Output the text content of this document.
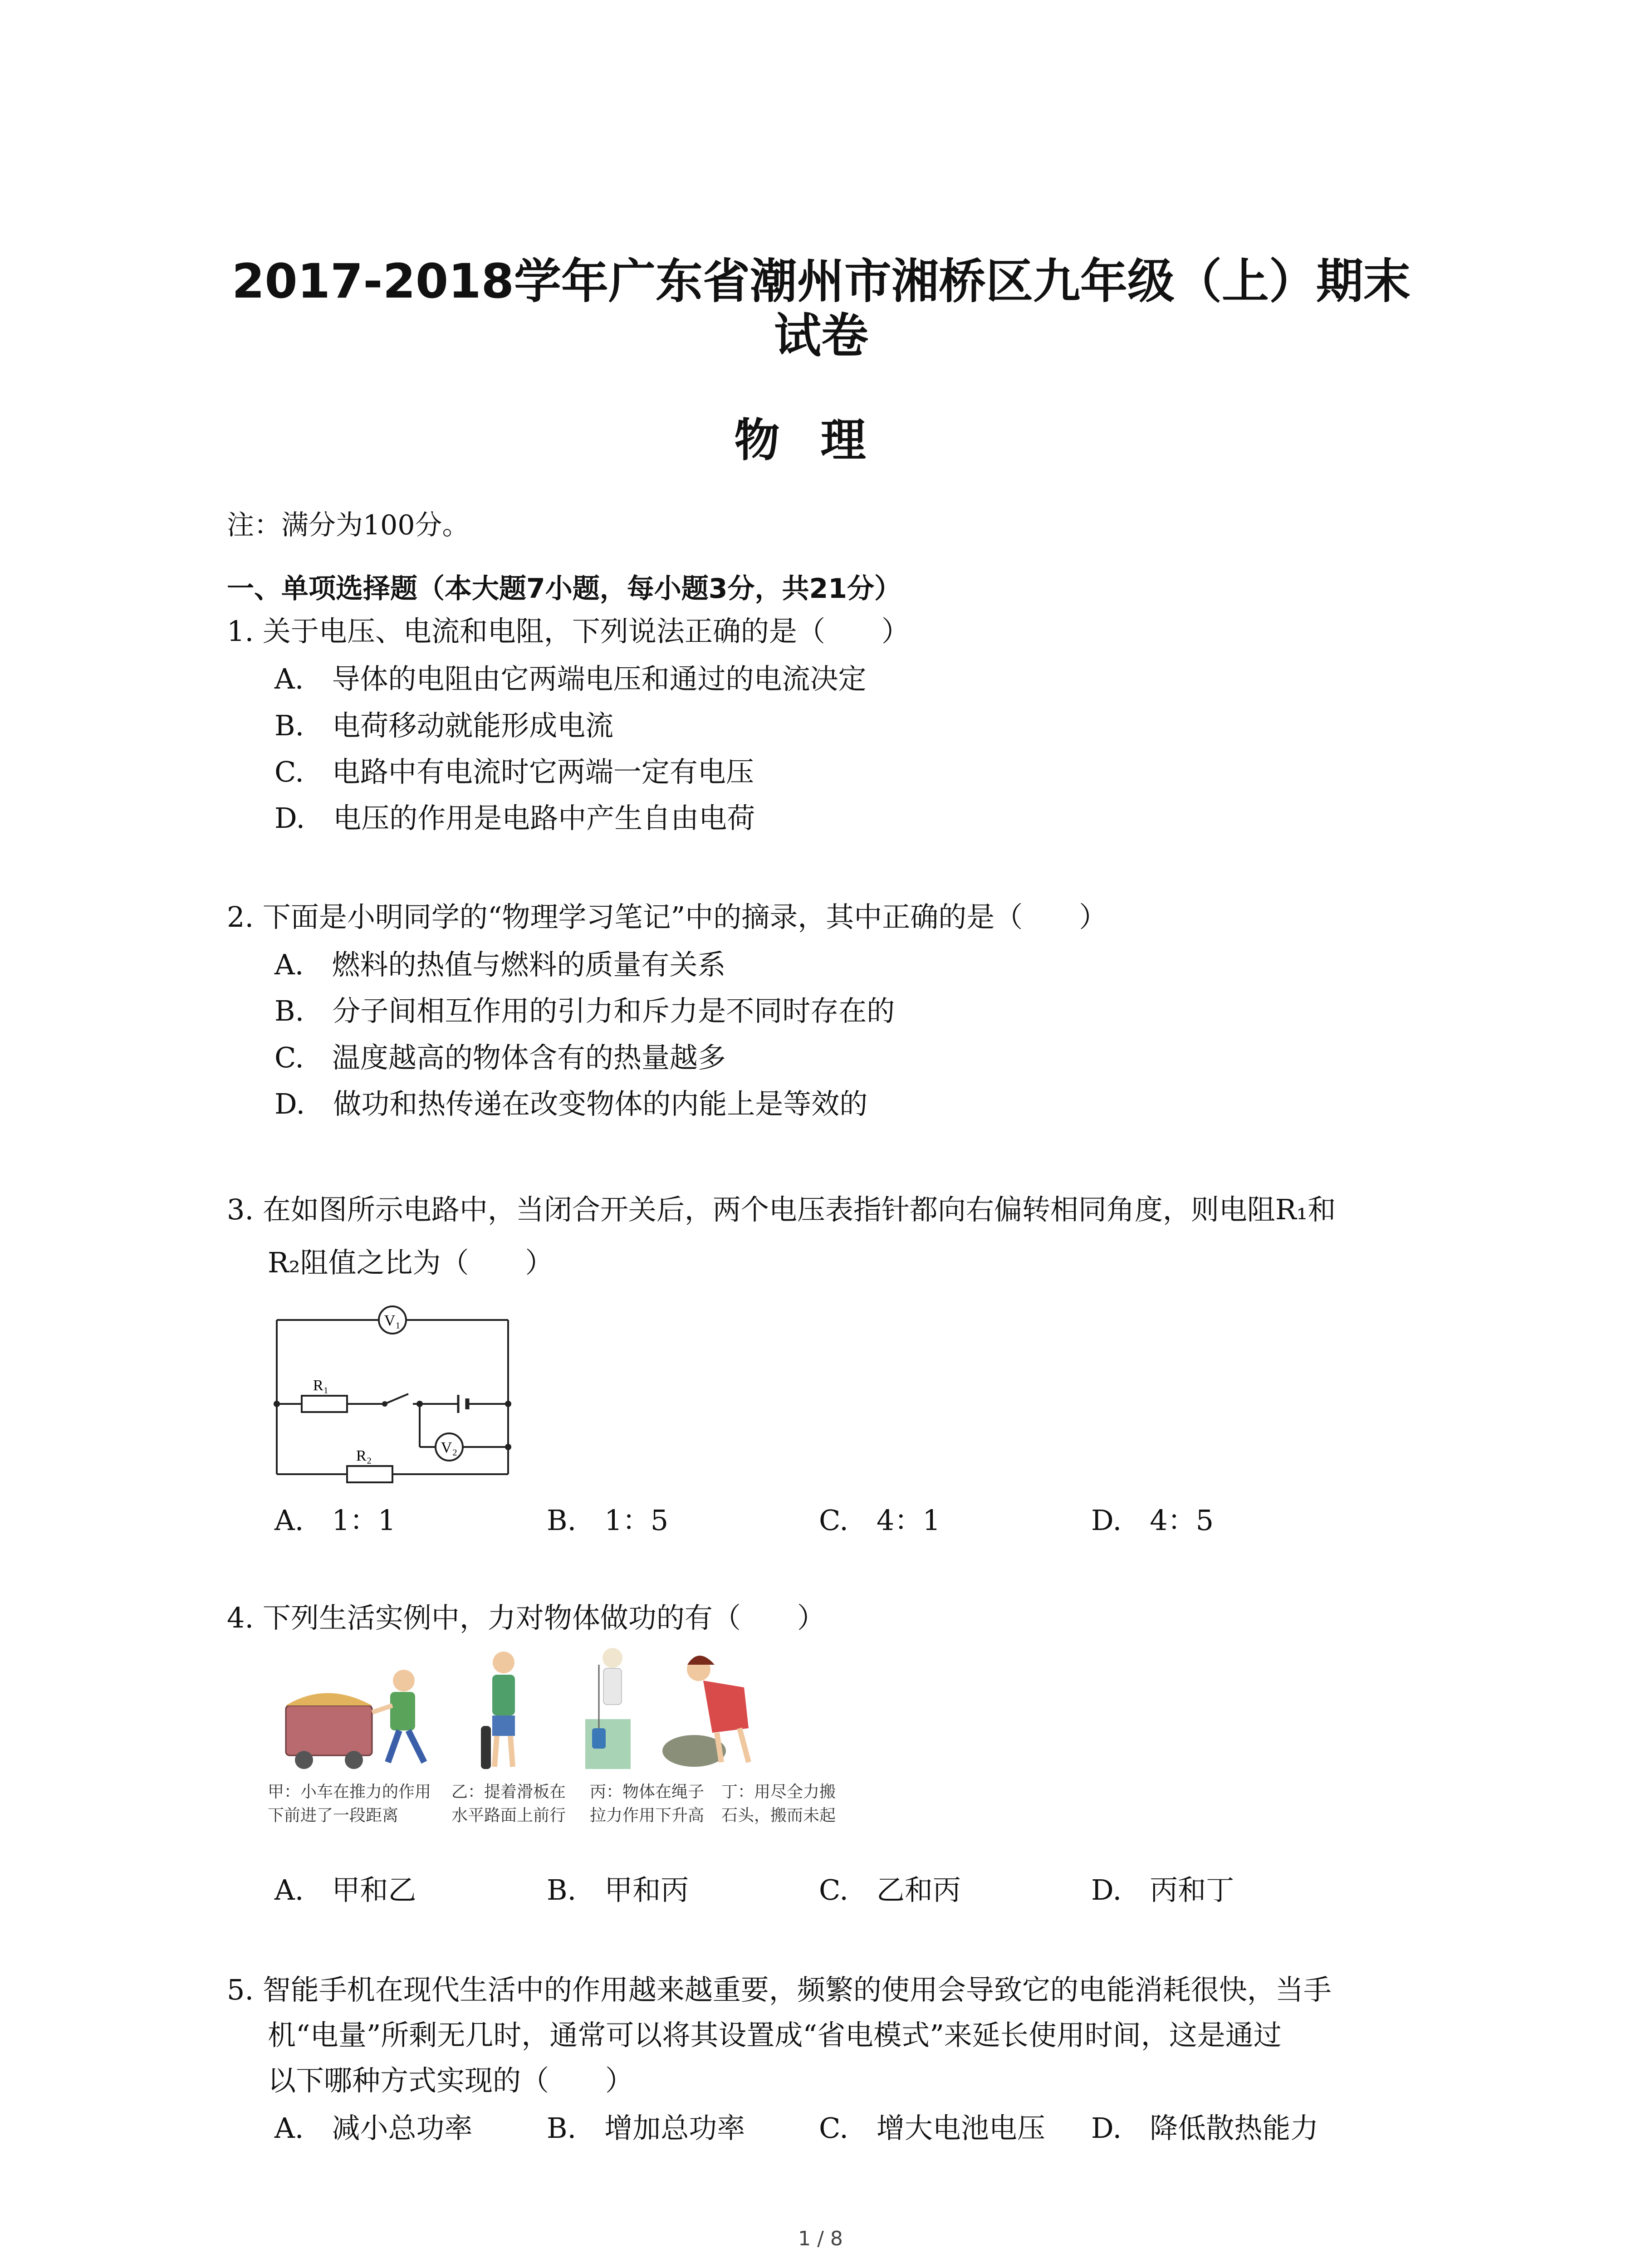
2017-2018学年广东省潮州市湘桥区九年级（上）期末
试卷
物理
注：满分为100分。
一、单项选择题（本大题7小题，每小题3分，共21分）
1. 关于电压、电流和电阻，下列说法正确的是（　　）
A.　导体的电阻由它两端电压和通过的电流决定
B.　电荷移动就能形成电流
C.　电路中有电流时它两端一定有电压
D.　电压的作用是电路中产生自由电荷
2. 下面是小明同学的“物理学习笔记”中的摘录，其中正确的是（　　）
A.　燃料的热值与燃料的质量有关系
B.　分子间相互作用的引力和斥力是不同时存在的
C.　温度越高的物体含有的热量越多
D.　做功和热传递在改变物体的内能上是等效的
3. 在如图所示电路中，当闭合开关后，两个电压表指针都向右偏转相同角度，则电阻R₁和
R₂阻值之比为（　　）
V₁
V₂
R₁
R₂
A.　1：1	B.　1：5	C.　4：1	D.　4：5
4. 下列生活实例中，力对物体做功的有（　　）
甲：小车在推力的作用
下前进了一段距离
乙：提着滑板在
水平路面上前行
丙：物体在绳子
拉力作用下升高
丁：用尽全力搬
石头，搬而未起
A.　甲和乙	B.　甲和丙	C.　乙和丙	D.　丙和丁
5. 智能手机在现代生活中的作用越来越重要，频繁的使用会导致它的电能消耗很快，当手
机“电量”所剩无几时，通常可以将其设置成“省电模式”来延长使用时间，这是通过
以下哪种方式实现的（　　）
A.　减小总功率	B.　增加总功率	C.　增大电池电压 D.　降低散热能力
1 / 8
